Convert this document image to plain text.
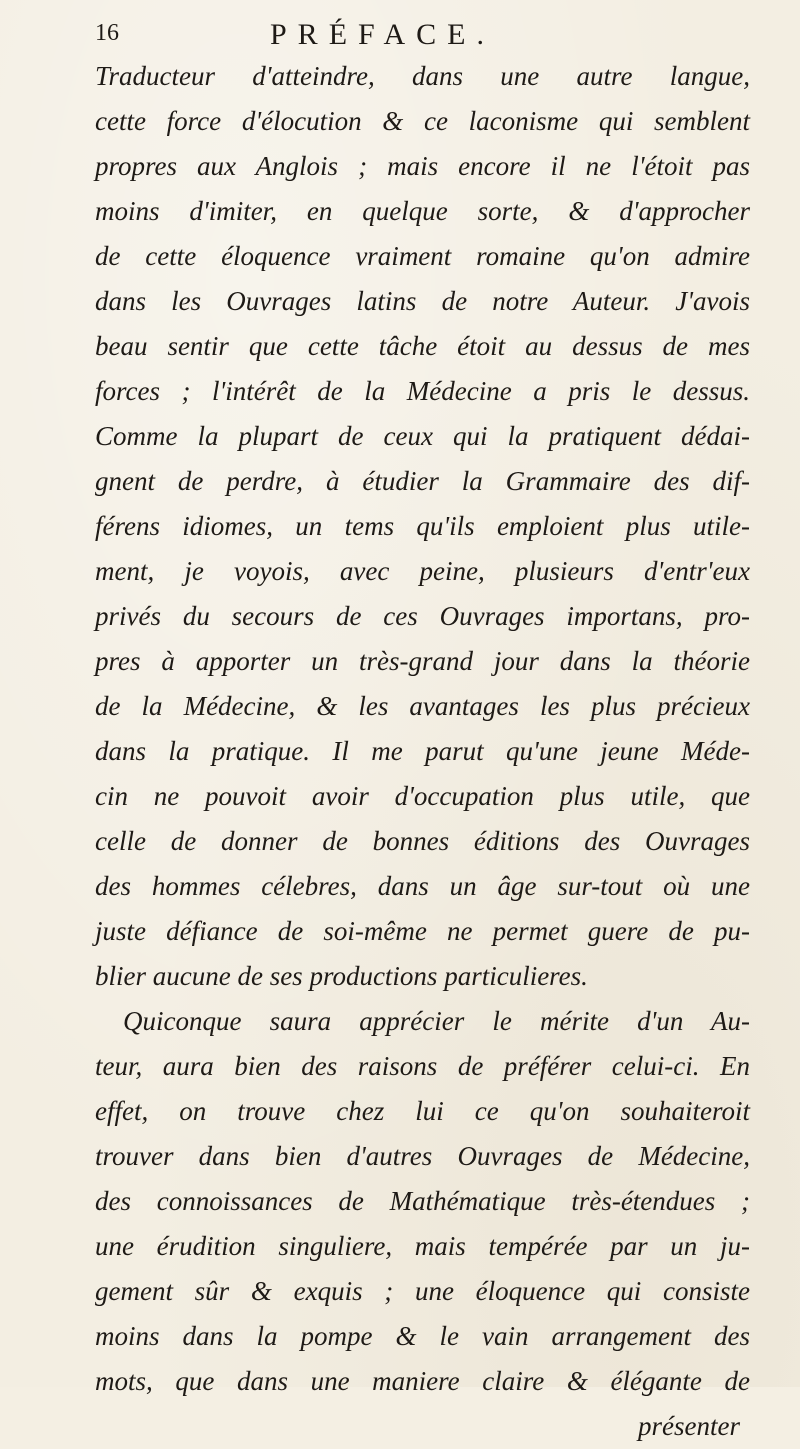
16	PRÉFACE.
Traducteur d'atteindre, dans une autre langue,
cette force d'élocution & ce laconisme qui semblent
propres aux Anglois ; mais encore il ne l'étoit pas
moins d'imiter, en quelque sorte, & d'approcher
de cette éloquence vraiment romaine qu'on admire
dans les Ouvrages latins de notre Auteur. J'avois
beau sentir que cette tâche étoit au dessus de mes
forces ; l'intérêt de la Médecine a pris le dessus.
Comme la plupart de ceux qui la pratiquent dédai-
gnent de perdre, à étudier la Grammaire des dif-
férens idiomes, un tems qu'ils emploient plus utile-
ment, je voyois, avec peine, plusieurs d'entr'eux
privés du secours de ces Ouvrages importans, pro-
pres à apporter un très-grand jour dans la théorie
de la Médecine, & les avantages les plus précieux
dans la pratique. Il me parut qu'une jeune Méde-
cin ne pouvoit avoir d'occupation plus utile, que
celle de donner de bonnes éditions des Ouvrages
des hommes célebres, dans un âge sur-tout où une
juste défiance de soi-même ne permet guere de pu-
blier aucune de ses productions particulieres.
Quiconque saura apprécier le mérite d'un Au-
teur, aura bien des raisons de préférer celui-ci. En
effet, on trouve chez lui ce qu'on souhaiteroit
trouver dans bien d'autres Ouvrages de Médecine,
des connoissances de Mathématique très-étendues ;
une érudition singuliere, mais tempérée par un ju-
gement sûr & exquis ; une éloquence qui consiste
moins dans la pompe & le vain arrangement des
mots, que dans une maniere claire & élégante de
présenter
